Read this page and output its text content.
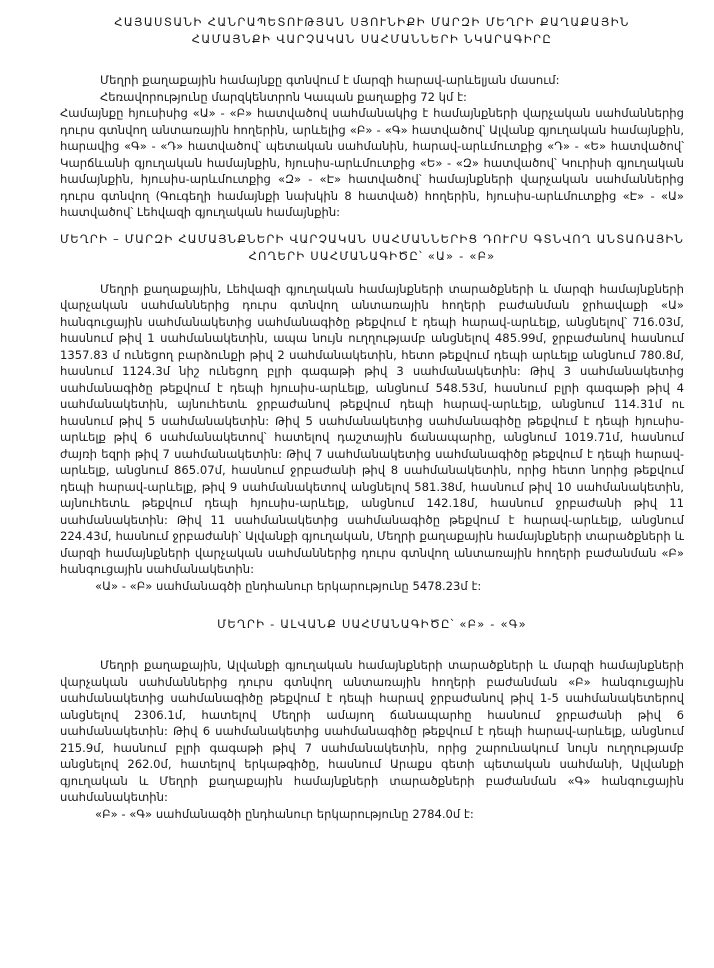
ՀԱՅԱՍՏԱՆԻ ՀԱՆՐԱՊԵՏՈՒԹՅԱՆ ՍՅՈՒՆԻՔԻ ՄԱՐԶԻ ՄԵՂՐԻ ՔԱՂԱՔԱՅԻՆ
ՀԱՄԱՅՆՔԻ ՎԱՐՉԱԿԱՆ ՍԱՀՄԱՆՆԵՐԻ ՆԿԱՐԱԳԻՐԸ

Մեղրի քաղաքային համայնքը գտնվում է մարզի հարավ-արևելյան մասում:

Հեռավորությունը մարզկենտրոն Կապան քաղաքից 72 կմ է:

Համայնքը հյուսիսից «Ա» - «Բ» հատվածով սահմանակից է համայնքների վարչական սահմաններից դուրս գտնվող անտառային հողերին, արևելից «Բ» - «Գ» հատվածով՝ Ալվանք գյուղական համայնքին, հարավից «Գ» - «Դ» հատվածով՝ պետական սահմանին, հարավ-արևմուտքից «Դ» - «Ե» հատվածով՝ Կարճևանի գյուղական համայնքին, հյուսիս-արևմուտքից «Ե» - «Զ» հատվածով՝ Կուրիսի գյուղական համայնքին, հյուսիս-արևմուտքից «Զ» - «Է» հատվածով՝ համայնքների վարչական սահմաններից դուրս գտնվող (Գուգեղի համայնքի նախկին 8 հատված) հողերին, հյուսիս-արևմուտքից «Է» - «Ա» հատվածով՝ Լեհվազի գյուղական համայնքին:

ՄԵՂՐԻ – ՄԱՐԶԻ ՀԱՄԱՅՆՔՆԵՐԻ ՎԱՐՉԱԿԱՆ ՍԱՀՄԱՆՆԵՐԻՑ ԴՈՒՐՍ ԳՏՆՎՈՂ ԱՆՏԱՌԱՅԻՆ
ՀՈՂԵՐԻ ՍԱՀՄԱՆԱԳԻԾԸ՝ «Ա» - «Բ»

Մեղրի քաղաքային, Լեհվազի գյուղական համայնքների տարածքների և մարզի համայնքների վարչական սահմաններից դուրս գտնվող անտառային հողերի բաժանման ջրհավաքի «Ա» հանգուցային սահմանակետից սահմանագիծը թեքվում է դեպի հարավ-արևելք, անցնելով՝ 716.03մ, հասնում թիվ 1 սահմանակետին, ապա նույն ուղղությամբ անցնելով 485.99մ, ջրբաժանով հասնում 1357.83 մ ունեցող բարձունքի թիվ 2 սահմանակետին, հետո թեքվում դեպի արևելք անցնում 780.8մ, հասնում 1124.3մ նիշ ունեցող բլրի գագաթի թիվ 3 սահմանակետին: Թիվ 3 սահմանակետից սահմանագիծը թեքվում է դեպի հյուսիս-արևելք, անցնում 548.53մ, հասնում բլրի գագաթի թիվ 4 սահմանակետին, այնուհետև ջրբաժանով թեքվում դեպի հարավ-արևելք, անցնում 114.31մ ու հասնում թիվ 5 սահմանակետին: Թիվ 5 սահմանակետից սահմանագիծը թեքվում է դեպի հյուսիս-արևելք թիվ 6 սահմանակետով՝ հատելով դաշտային ճանապարհը, անցնում 1019.71մ, հասնում ժայռի եզրի թիվ 7 սահմանակետին: Թիվ 7 սահմանակետից սահմանագիծը թեքվում է դեպի հարավ-արևելք, անցնում 865.07մ, հասնում ջրբաժանի թիվ 8 սահմանակետին, որից հետո նորից թեքվում դեպի հարավ-արևելք, թիվ 9 սահմանակետով անցնելով 581.38մ, հասնում թիվ 10 սահմանակետին, այնուհետև թեքվում դեպի հյուսիս-արևելք, անցնում 142.18մ, հասնում ջրբաժանի թիվ 11 սահմանակետին: Թիվ 11 սահմանակետից սահմանագիծը թեքվում է հարավ-արևելք, անցնում 224.43մ, հասնում ջրբաժանի՝ Ալվանքի գյուղական, Մեղրի քաղաքային համայնքների տարածքների և մարզի համայնքների վարչական սահմաններից դուրս գտնվող անտառային հողերի բաժանման «Բ» հանգուցային սահմանակետին:

«Ա» - «Բ» սահմանագծի ընդհանուր երկարությունը 5478.23մ է:

ՄԵՂՐԻ - ԱԼՎԱՆՔ ՍԱՀՄԱՆԱԳԻԾԸ՝ «Բ» - «Գ»

Մեղրի քաղաքային, Ալվանքի գյուղական համայնքների տարածքների և մարզի համայնքների վարչական սահմաններից դուրս գտնվող անտառային հողերի բաժանման «Բ» հանգուցային սահմանակետից սահմանագիծը թեքվում է դեպի հարավ ջրբաժանով թիվ 1-5 սահմանակետերով անցնելով 2306.1մ, հատելով Մեղրի ամայող ճանապարհը հասնում ջրբաժանի թիվ 6 սահմանակետին: Թիվ 6 սահմանակետից սահմանագիծը թեքվում է դեպի հարավ-արևելք, անցնում 215.9մ, հասնում բլրի գագաթի թիվ 7 սահմանակետին, որից շարունակում նույն ուղղությամբ անցնելով 262.0մ, հատելով երկաթգիծը, հասնում Արաքս գետի պետական սահմանի, Ալվանքի գյուղական և Մեղրի քաղաքային համայնքների տարածքների բաժանման «Գ» հանգուցային սահմանակետին:

«Բ» - «Գ» սահմանագծի ընդհանուր երկարությունը 2784.0մ է:
